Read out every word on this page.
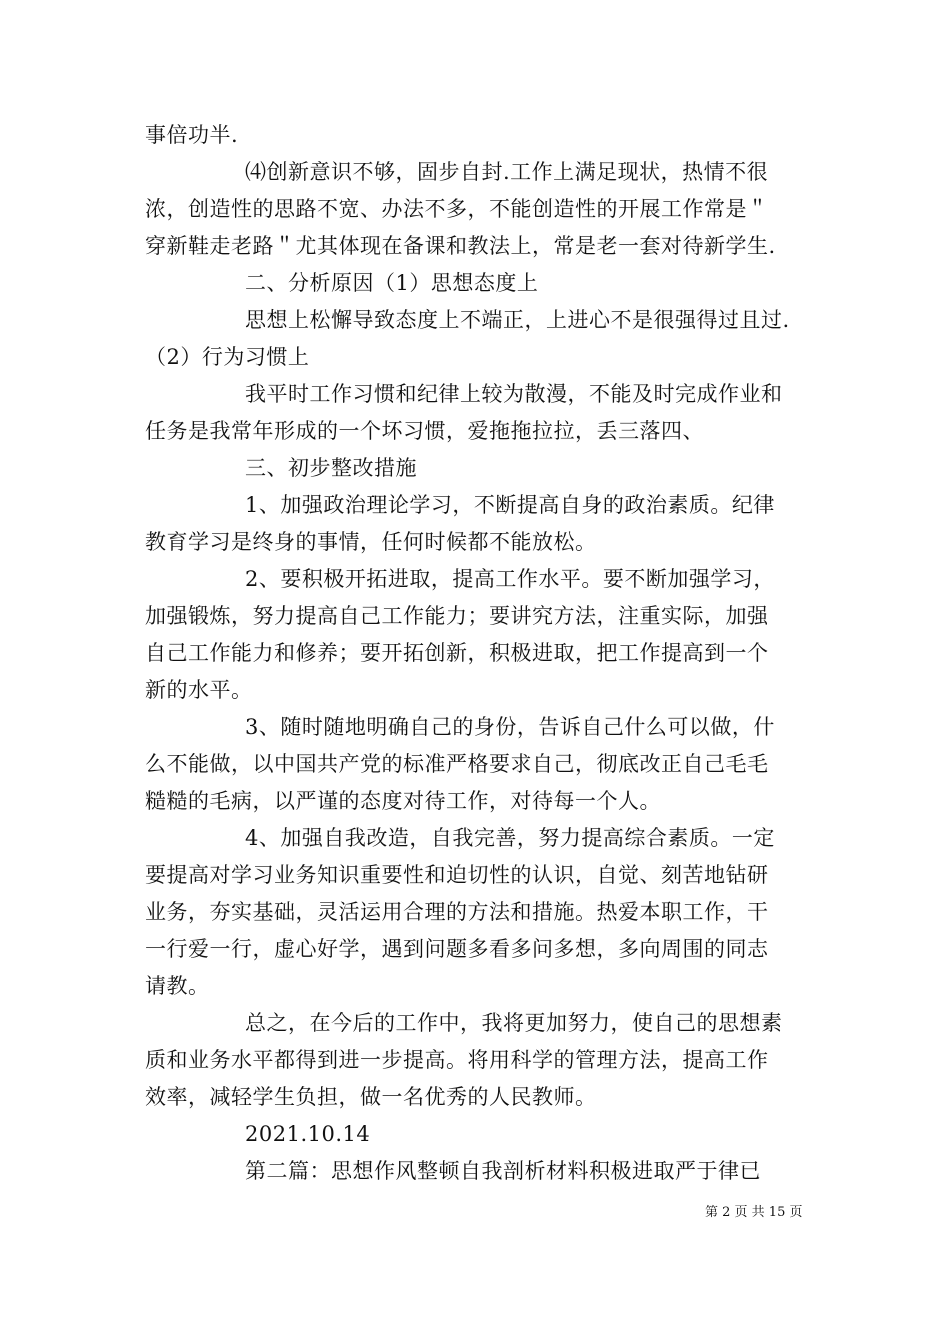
事倍功半.
⑷创新意识不够，固步自封.工作上满足现状，热情不很
浓，创造性的思路不宽、办法不多，不能创造性的开展工作常是＂
穿新鞋走老路＂尤其体现在备课和教法上，常是老一套对待新学生.
二、分析原因（1）思想态度上
思想上松懈导致态度上不端正，上进心不是很强得过且过.
（2）行为习惯上
我平时工作习惯和纪律上较为散漫，不能及时完成作业和
任务是我常年形成的一个坏习惯，爱拖拖拉拉，丢三落四、
三、初步整改措施
1、加强政治理论学习，不断提高自身的政治素质。纪律
教育学习是终身的事情，任何时候都不能放松。
2、要积极开拓进取，提高工作水平。要不断加强学习，
加强锻炼，努力提高自己工作能力；要讲究方法，注重实际，加强
自己工作能力和修养；要开拓创新，积极进取，把工作提高到一个
新的水平。
3、随时随地明确自己的身份，告诉自己什么可以做，什
么不能做，以中国共产党的标准严格要求自己，彻底改正自己毛毛
糙糙的毛病，以严谨的态度对待工作，对待每一个人。
4、加强自我改造，自我完善，努力提高综合素质。一定
要提高对学习业务知识重要性和迫切性的认识，自觉、刻苦地钻研
业务，夯实基础，灵活运用合理的方法和措施。热爱本职工作，干
一行爱一行，虚心好学，遇到问题多看多问多想，多向周围的同志
请教。
总之，在今后的工作中，我将更加努力，使自己的思想素
质和业务水平都得到进一步提高。将用科学的管理方法，提高工作
效率，减轻学生负担，做一名优秀的人民教师。
2021.10.14
第二篇：思想作风整顿自我剖析材料积极进取严于律已
第 2 页 共 15 页
